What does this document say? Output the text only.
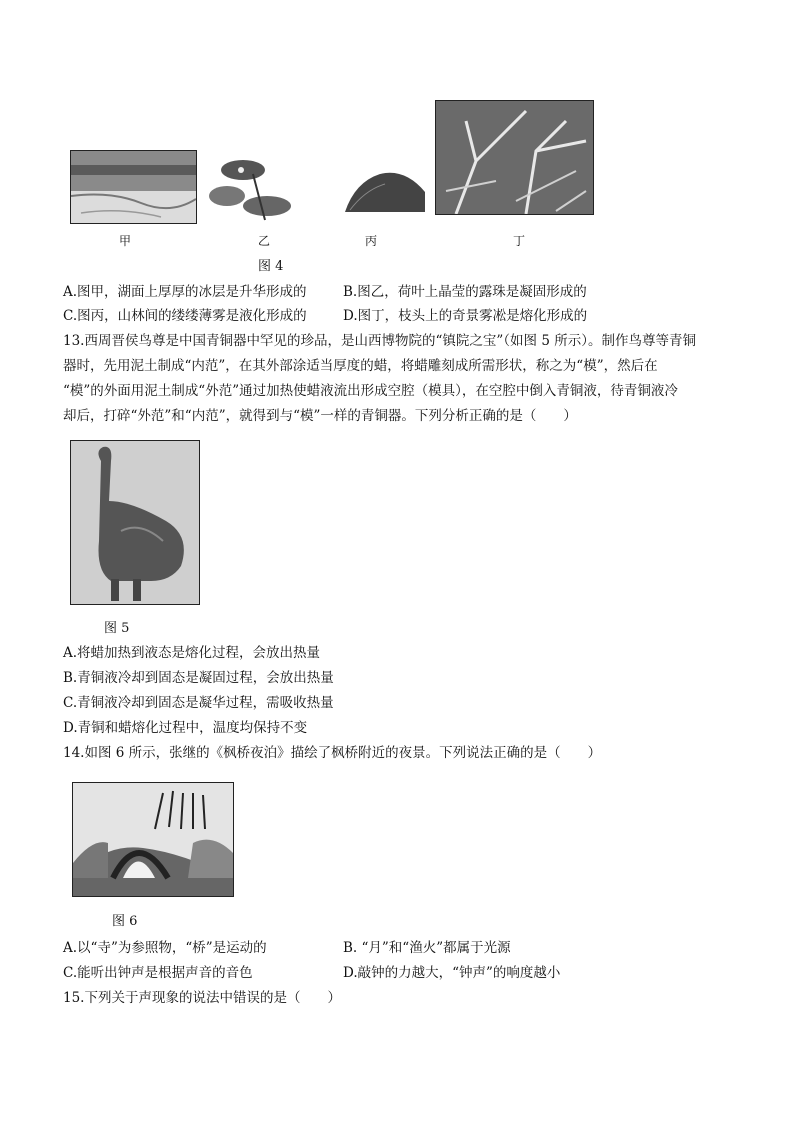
甲	乙	丙	丁
图 4
A.图甲，湖面上厚厚的冰层是升华形成的	B.图乙，荷叶上晶莹的露珠是凝固形成的
C.图丙，山林间的缕缕薄雾是液化形成的	D.图丁，枝头上的奇景雾凇是熔化形成的
13.西周晋侯鸟尊是中国青铜器中罕见的珍品，是山西博物院的“镇院之宝”（如图 5 所示）。制作鸟尊等青铜
器时，先用泥土制成“内范”，在其外部涂适当厚度的蜡，将蜡雕刻成所需形状，称之为“模”，然后在
“模”的外面用泥土制成“外范”通过加热使蜡液流出形成空腔（模具），在空腔中倒入青铜液，待青铜液冷
却后，打碎“外范”和“内范”，就得到与“模”一样的青铜器。下列分析正确的是（　　）
图 5
A.将蜡加热到液态是熔化过程，会放出热量
B.青铜液冷却到固态是凝固过程，会放出热量
C.青铜液冷却到固态是凝华过程，需吸收热量
D.青铜和蜡熔化过程中，温度均保持不变
14.如图 6 所示，张继的《枫桥夜泊》描绘了枫桥附近的夜景。下列说法正确的是（　　）
图 6
A.以“寺”为参照物，“桥”是运动的	B. “月”和“渔火”都属于光源
C.能听出钟声是根据声音的音色	D.敲钟的力越大，“钟声”的响度越小
15.下列关于声现象的说法中错误的是（　　）
